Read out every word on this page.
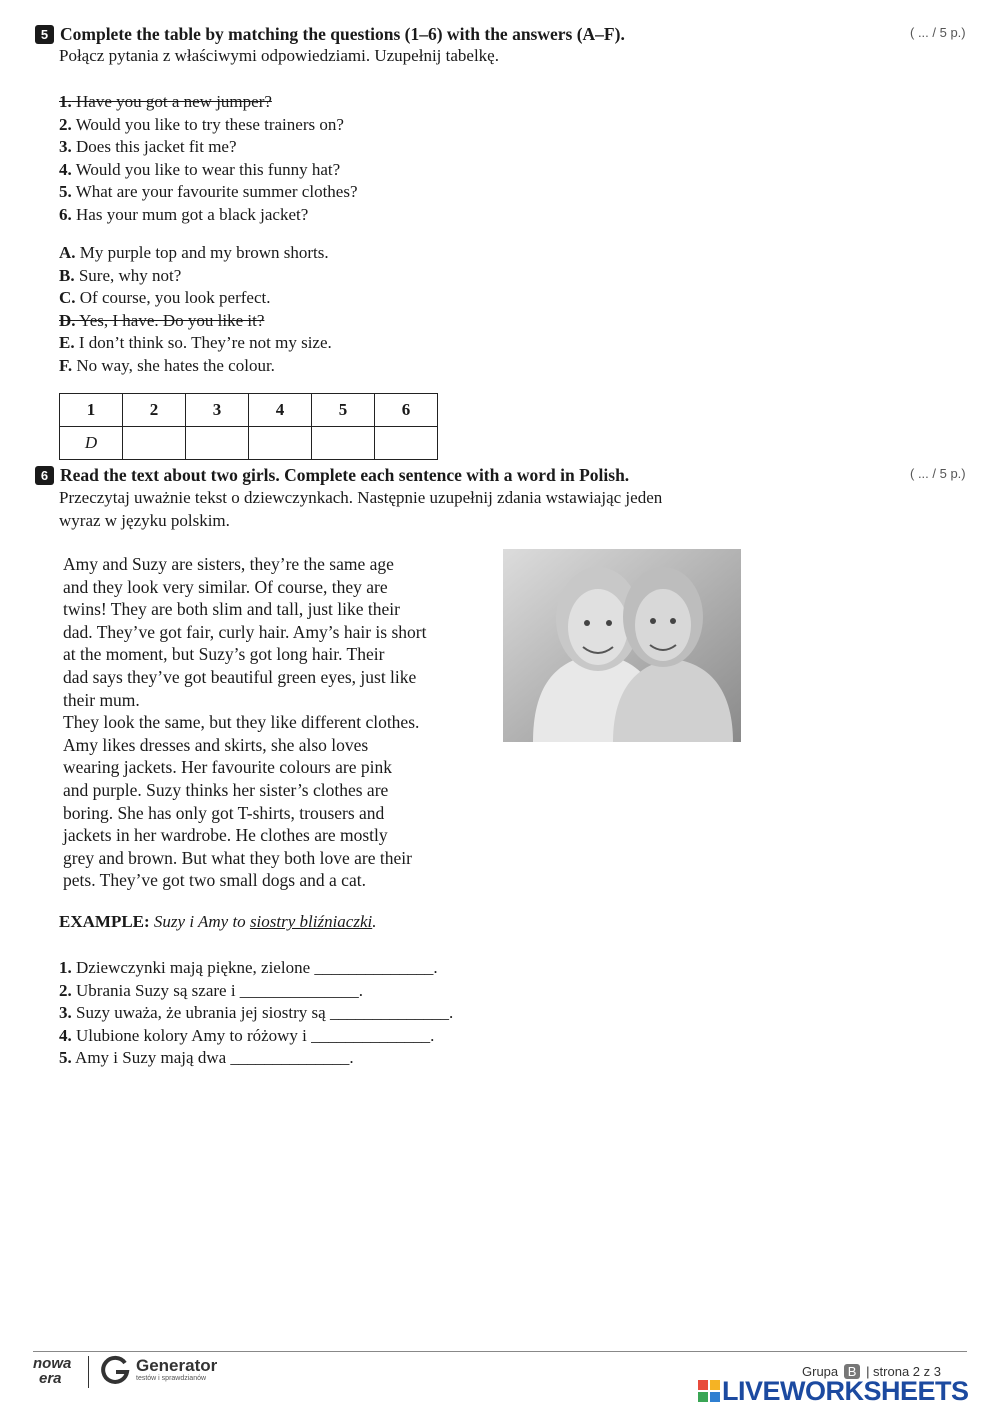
5 Complete the table by matching the questions (1–6) with the answers (A–F).	( ... / 5 p.)
Połącz pytania z właściwymi odpowiedziami. Uzupełnij tabelkę.
1. Have you got a new jumper?
2. Would you like to try these trainers on?
3. Does this jacket fit me?
4. Would you like to wear this funny hat?
5. What are your favourite summer clothes?
6. Has your mum got a black jacket?
A. My purple top and my brown shorts.
B. Sure, why not?
C. Of course, you look perfect.
D. Yes, I have. Do you like it?
E. I don’t think so. They’re not my size.
F. No way, she hates the colour.
1	2	3	4	5	6
D					
6 Read the text about two girls. Complete each sentence with a word in Polish.	( ... / 5 p.)
Przeczytaj uważnie tekst o dziewczynkach. Następnie uzupełnij zdania wstawiając jeden
wyraz w języku polskim.
Amy and Suzy are sisters, they’re the same age
and they look very similar. Of course, they are
twins! They are both slim and tall, just like their
dad. They’ve got fair, curly hair. Amy’s hair is short
at the moment, but Suzy’s got long hair. Their
dad says they’ve got beautiful green eyes, just like
their mum.
They look the same, but they like different clothes.
Amy likes dresses and skirts, she also loves
wearing jackets. Her favourite colours are pink
and purple. Suzy thinks her sister’s clothes are
boring. She has only got T-shirts, trousers and
jackets in her wardrobe. He clothes are mostly
grey and brown. But what they both love are their
pets. They’ve got two small dogs and a cat.
EXAMPLE: Suzy i Amy to siostry bliźniaczki.
1. Dziewczynki mają piękne, zielone ______________.
2. Ubrania Suzy są szare i ______________.
3. Suzy uważa, że ubrania jej siostry są ______________.
4. Ulubione kolory Amy to różowy i ______________.
5. Amy i Suzy mają dwa ______________.
nowa
era
Generator
testów i sprawdzianów	Grupa B | strona 2 z 3
LIVEWORKSHEETS
